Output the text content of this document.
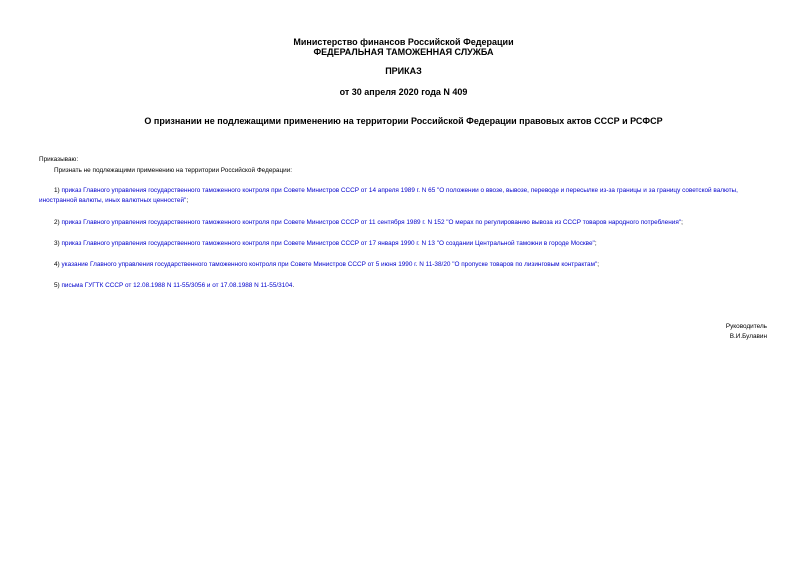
Министерство финансов Российской Федерации
ФЕДЕРАЛЬНАЯ ТАМОЖЕННАЯ СЛУЖБА
ПРИКАЗ
от 30 апреля 2020 года N 409
О признании не подлежащими применению на территории Российской Федерации правовых актов СССР и РСФСР
Приказываю:
Признать не подлежащими применению на территории Российской Федерации:
1) приказ Главного управления государственного таможенного контроля при Совете Министров СССР от 14 апреля 1989 г. N 65 "О положении о ввозе, вывозе, переводе и пересылке из-за границы и за границу советской валюты, иностранной валюты, иных валютных ценностей";
2) приказ Главного управления государственного таможенного контроля при Совете Министров СССР от 11 сентября 1989 г. N 152 "О мерах по регулированию вывоза из СССР товаров народного потребления";
3) приказ Главного управления государственного таможенного контроля при Совете Министров СССР от 17 января 1990 г. N 13 "О создании Центральной таможни в городе Москве";
4) указание Главного управления государственного таможенного контроля при Совете Министров СССР от 5 июня 1990 г. N 11-38/20 "О пропуске товаров по лизинговым контрактам";
5) письма ГУГТК СССР от 12.08.1988 N 11-55/3056 и от 17.08.1988 N 11-55/3104.
Руководитель
В.И.Булавин
